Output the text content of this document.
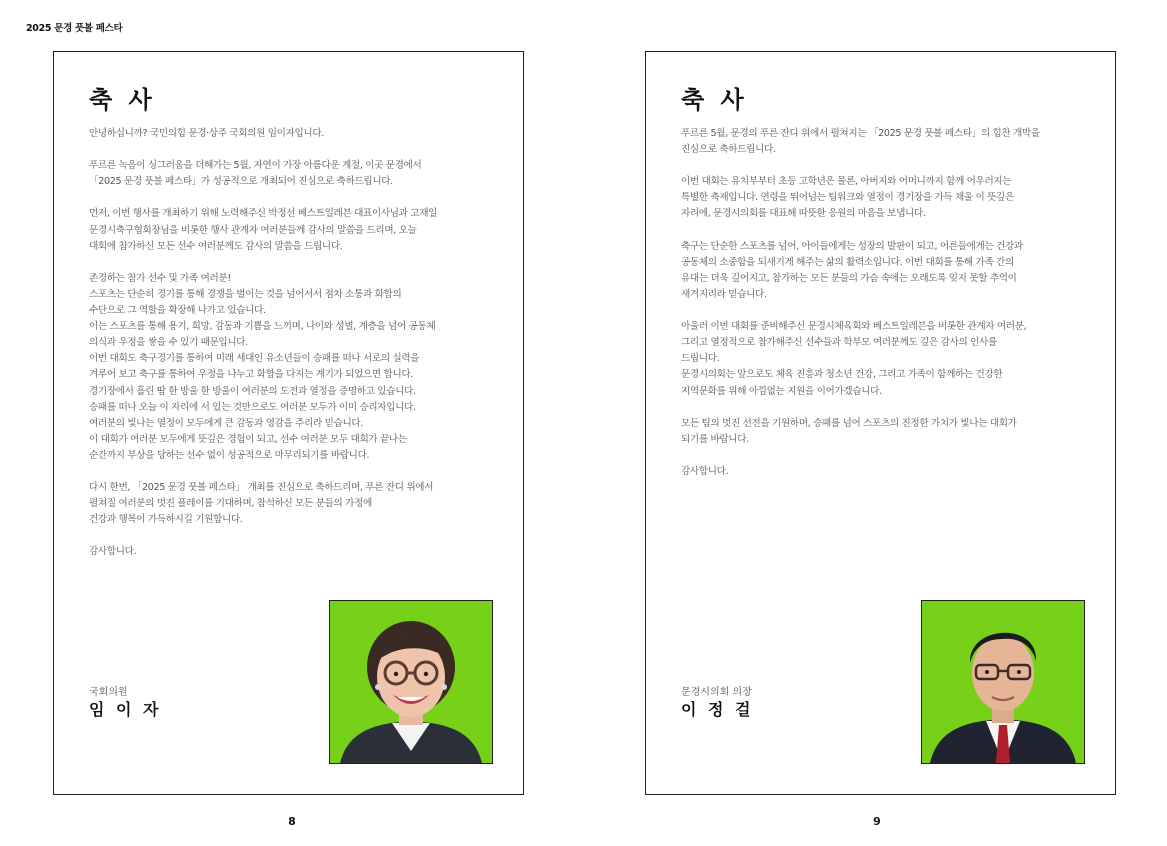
2025 문경 풋볼 페스타
축 사

안녕하십니까? 국민의힘 문경·상주 국회의원 임이자입니다.

푸르른 녹음이 싱그러움을 더해가는 5월, 자연이 가장 아름다운 계절, 이곳 문경에서
「2025 문경 풋볼 페스타」가 성공적으로 개최되어 진심으로 축하드립니다.

먼저, 이번 행사를 개최하기 위해 노력해주신 박정선 베스트일레븐 대표이사님과 고재일
문경시축구협회장님을 비롯한 행사 관계자 여러분들께 감사의 말씀을 드리며, 오늘
대회에 참가하신 모든 선수 여러분께도 감사의 말씀을 드립니다.

존경하는 참가 선수 및 가족 여러분!
스포츠는 단순히 경기를 통해 경쟁을 벌이는 것을 넘어서서 점차 소통과 화합의
수단으로 그 역할을 확장해 나가고 있습니다.
이는 스포츠를 통해 용기, 희망, 감동과 기쁨을 느끼며, 나이와 성별, 계층을 넘어 공동체
의식과 우정을 쌓을 수 있기 때문입니다.
이번 대회도 축구경기를 통하여 미래 세대인 유소년들이 승패를 떠나 서로의 실력을
겨루어 보고 축구를 통하여 우정을 나누고 화합을 다지는 계기가 되었으면 합니다.
경기장에서 흘린 땀 한 방울 한 방울이 여러분의 도전과 열정을 증명하고 있습니다.
승패를 떠나 오늘 이 자리에 서 있는 것만으로도 여러분 모두가 이미 승리자입니다.
여러분의 빛나는 열정이 모두에게 큰 감동과 영감을 주리라 믿습니다.
이 대회가 여러분 모두에게 뜻깊은 경험이 되고, 선수 여러분 모두 대회가 끝나는
순간까지 부상을 당하는 선수 없이 성공적으로 마무리되기를 바랍니다.

다시 한번, 「2025 문경 풋볼 페스타」 개최를 진심으로 축하드리며, 푸른 잔디 위에서
펼쳐질 여러분의 멋진 플레이를 기대하며, 참석하신 모든 분들의 가정에
건강과 행복이 가득하시길 기원합니다.

감사합니다.

국회의원
임 이 자
8
축 사

푸르른 5월, 문경의 푸른 잔디 위에서 펼쳐지는 「2025 문경 풋볼 페스타」의 힘찬 개막을
진심으로 축하드립니다.

이번 대회는 유치부부터 초등 고학년은 물론, 아버지와 어머니까지 함께 어우러지는
특별한 축제입니다. 연령을 뛰어넘는 팀워크와 열정이 경기장을 가득 채울 이 뜻깊은
자리에, 문경시의회를 대표해 따뜻한 응원의 마음을 보냅니다.

축구는 단순한 스포츠를 넘어, 아이들에게는 성장의 발판이 되고, 어른들에게는 건강과
공동체의 소중함을 되새기게 해주는 삶의 활력소입니다. 이번 대회를 통해 가족 간의
유대는 더욱 깊어지고, 참가하는 모든 분들의 가슴 속에는 오래도록 잊지 못할 추억이
새겨지리라 믿습니다.

아울러 이번 대회를 준비해주신 문경시체육회와 베스트일레븐을 비롯한 관계자 여러분,
그리고 열정적으로 참가해주신 선수들과 학부모 여러분께도 깊은 감사의 인사를
드립니다.
문경시의회는 앞으로도 체육 진흥과 청소년 건강, 그리고 가족이 함께하는 건강한
지역문화를 위해 아낌없는 지원을 이어가겠습니다.

모든 팀의 멋진 선전을 기원하며, 승패를 넘어 스포츠의 진정한 가치가 빛나는 대회가
되기를 바랍니다.

감사합니다.

문경시의회 의장
이 정 걸
9
